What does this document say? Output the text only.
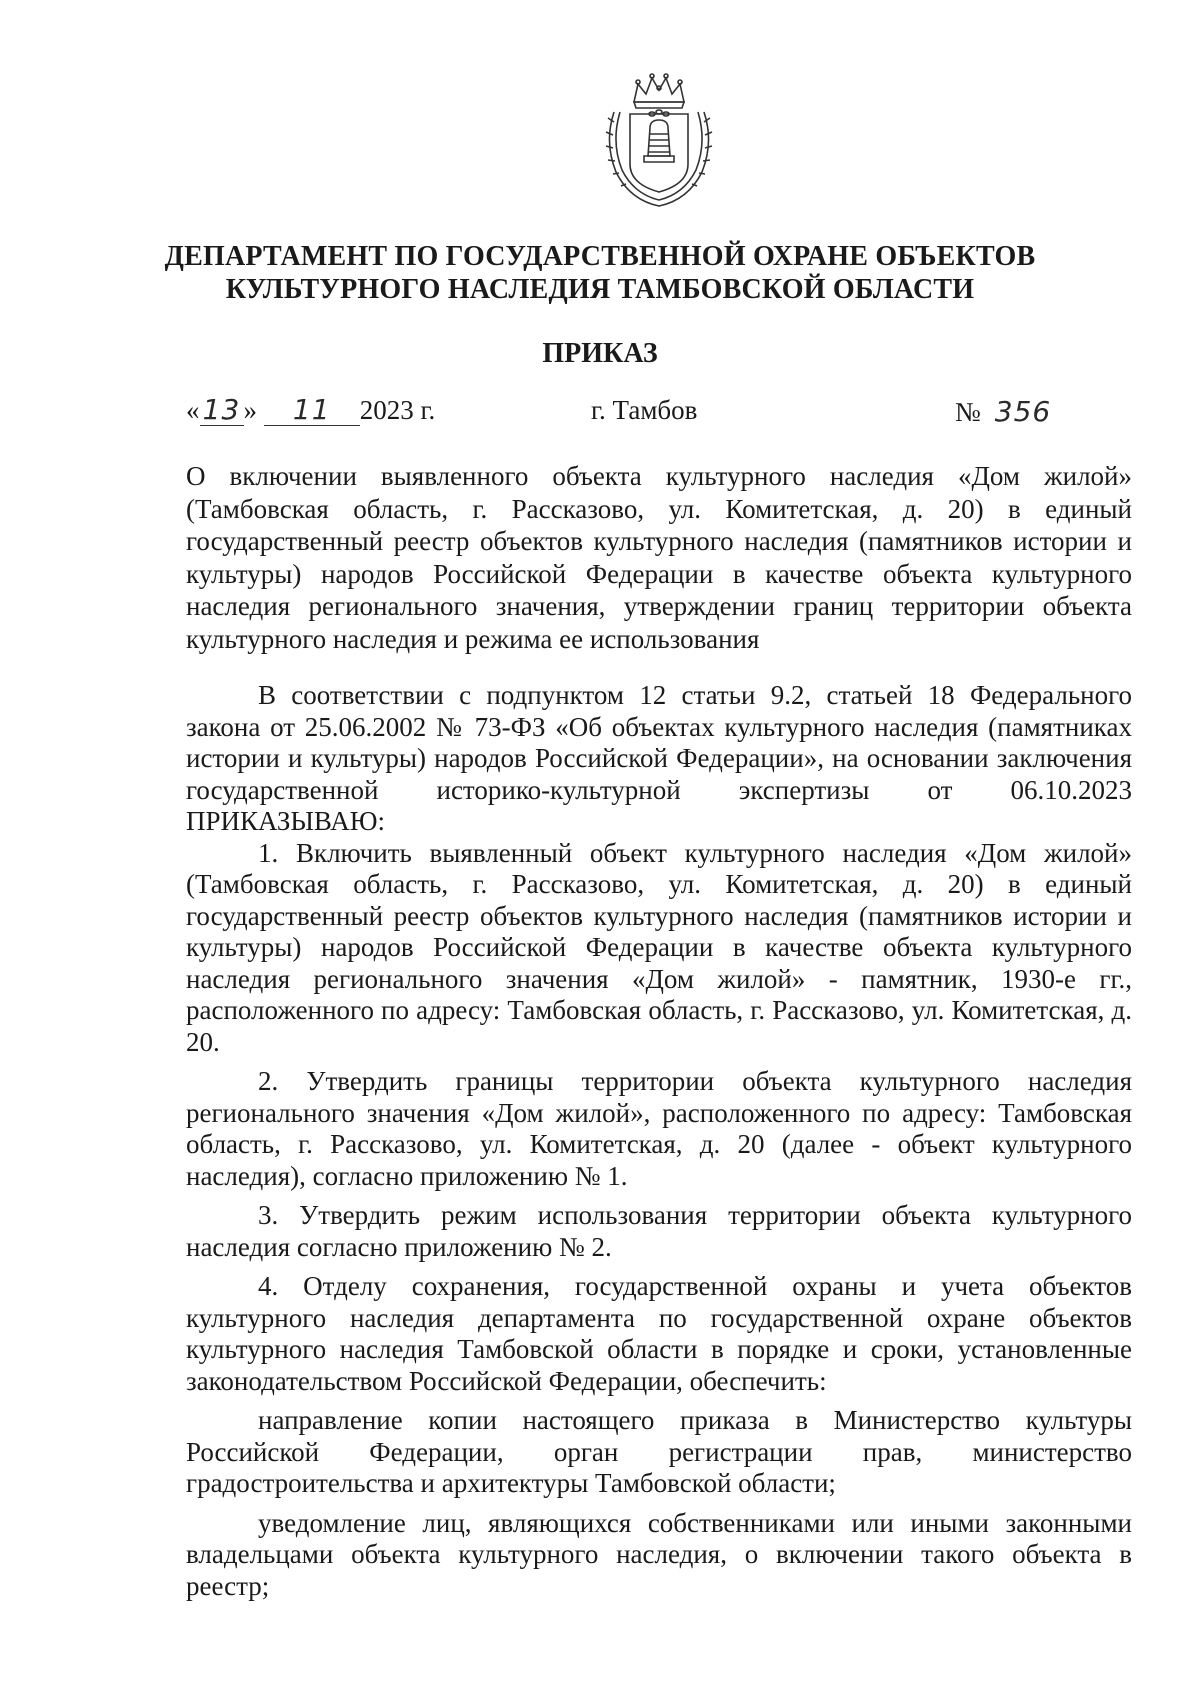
ДЕПАРТАМЕНТ ПО ГОСУДАРСТВЕННОЙ ОХРАНЕ ОБЪЕКТОВ
КУЛЬТУРНОГО НАСЛЕДИЯ ТАМБОВСКОЙ ОБЛАСТИ
ПРИКАЗ
« 13 » 11 2023 г.	г. Тамбов	№ 356
О включении выявленного объекта культурного наследия «Дом жилой» (Тамбовская область, г. Рассказово, ул. Комитетская, д. 20) в единый государственный реестр объектов культурного наследия (памятников истории и культуры) народов Российской Федерации в качестве объекта культурного наследия регионального значения, утверждении границ территории объекта культурного наследия и режима ее использования

В соответствии с подпунктом 12 статьи 9.2, статьей 18 Федерального закона от 25.06.2002 № 73-ФЗ «Об объектах культурного наследия (памятниках истории и культуры) народов Российской Федерации», на основании заключения государственной историко-культурной экспертизы от 06.10.2023 ПРИКАЗЫВАЮ:

1. Включить выявленный объект культурного наследия «Дом жилой» (Тамбовская область, г. Рассказово, ул. Комитетская, д. 20) в единый государственный реестр объектов культурного наследия (памятников истории и культуры) народов Российской Федерации в качестве объекта культурного наследия регионального значения «Дом жилой» - памятник, 1930-е гг., расположенного по адресу: Тамбовская область, г. Рассказово, ул. Комитетская, д. 20.

2. Утвердить границы территории объекта культурного наследия регионального значения «Дом жилой», расположенного по адресу: Тамбовская область, г. Рассказово, ул. Комитетская, д. 20 (далее - объект культурного наследия), согласно приложению № 1.

3. Утвердить режим использования территории объекта культурного наследия согласно приложению № 2.

4. Отделу сохранения, государственной охраны и учета объектов культурного наследия департамента по государственной охране объектов культурного наследия Тамбовской области в порядке и сроки, установленные законодательством Российской Федерации, обеспечить:

направление копии настоящего приказа в Министерство культуры Российской Федерации, орган регистрации прав, министерство градостроительства и архитектуры Тамбовской области;

уведомление лиц, являющихся собственниками или иными законными владельцами объекта культурного наследия, о включении такого объекта в реестр;
